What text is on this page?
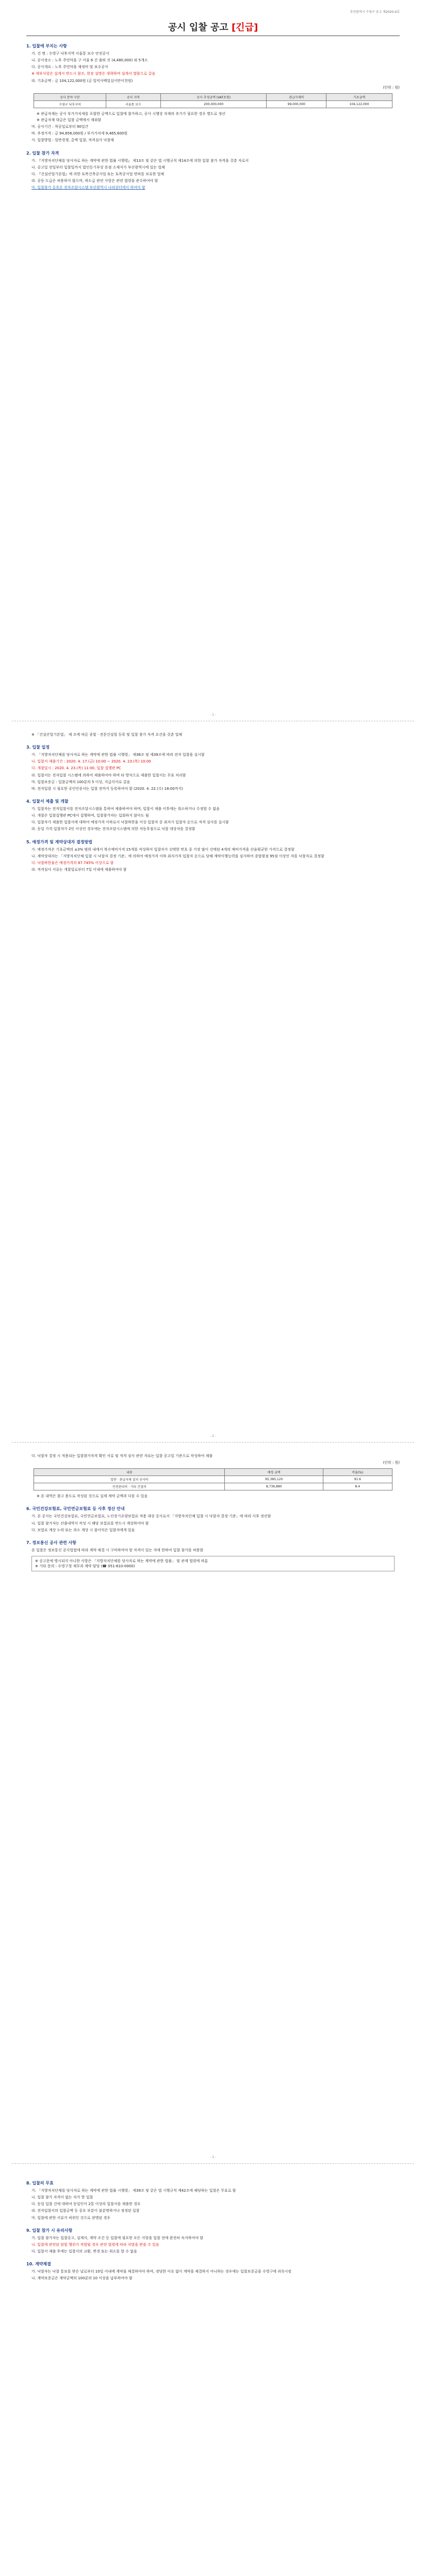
부산광역시 수영구 공고 제2020-4호
공시 입찰 공고 [긴급]
1. 입찰에 부치는 사항
가. 건 명 : 수영구 낙후지역 서울통 보수 안전공사
나. 공사장소 : 노후 주민마을 구 서울 6 건 출퇴 진 (4,480,000) 외 5개소
다. 공사개요 : 노후 주민마을 재정비 및 보수공사
※ 세부사항은 설계서 반드시 참조, 현장 설명은 생략하며 설계서 열람으로 갈음
라. 기초금액 : 금 104,122,000원 (금 일억사백일십이만이천원)
(단위 : 원)
공사 분야 구분	공사 지역	공사 추정금액 (VAT포함)	관급자재비	기초금액
수영구 낙후지역	서울통 보수	200,000,000	99,000,000	104,122,000
※ 관급자재는 공사 부가가치세를 포함한 금액으로 입찰에 참가하고, 공사 시행상 자재의 추가가 필요한 경우 별도로 정산
※ 관급자재 대금은 입찰 금액에서 제외함
마. 공사기간 : 착공일로부터 90일간
바. 추정가격 : 금 94,656,000원 / 부가가치세 9,465,600원
사. 입찰방법 : 일반경쟁, 총액 입찰, 적격심사 낙찰제
2. 입찰 참가 자격
가. 『지방자치단체를 당사자로 하는 계약에 관한 법률 시행령』 제13조 및 같은 법 시행규칙 제14조에 의한 입찰 참가 자격을 갖춘 자로서
나. 공고일 전일부터 입찰일까지 법인등기부상 본점 소재지가 부산광역시에 있는 업체
다. 『건설산업기본법』에 의한 토목건축공사업 또는 토목공사업 면허를 보유한 업체
라. 공동 도급은 허용하지 않으며, 하도급 관련 사항은 관련 법령을 준수하여야 함
마. 입찰참가 등록은 전자조달시스템 부산광역시 나라장터에서 하여야 함
- 1 -
※ 「건설산업기본법」 제 조에 따른 종합 · 전문건설업 등록 및 입찰 참가 자격 요건을 갖춘 업체
3. 입찰 일정
가. 「지방자치단체를 당사자로 하는 계약에 관한 법률 시행령」 제36조 및 제39조에 따라 전자 입찰을 실시함
나. 입찰서 제출기간 : 2020. 4. 17.(금) 10:00 ~ 2020. 4. 23.(목) 10:00
다. 개찰일시 : 2020. 4. 23.(목) 11:00, 입찰 집행관 PC
라. 입찰서는 전자입찰 시스템에 의하여 제출하여야 하며 타 방식으로 제출한 입찰서는 무효 처리함
마. 입찰보증금 : 입찰금액의 100분의 5 이상, 지급각서로 갈음
바. 전자입찰 시 필요한 공인인증서는 입찰 전까지 등록하여야 함 (2020. 4. 22.(수) 18:00까지)
4. 입찰서 제출 및 개찰
가. 입찰자는 전자입찰서를 전자조달시스템을 통하여 제출하여야 하며, 입찰서 제출 이후에는 취소하거나 수정할 수 없음
나. 개찰은 입찰집행관 PC에서 집행하며, 입찰참가자는 입회하지 않아도 됨
다. 입찰자가 제출한 입찰서에 대하여 예정가격 이하로서 낙찰하한율 이상 입찰자 중 최저가 입찰자 순으로 적격 심사를 실시함
라. 동일 가격 입찰자가 2인 이상인 경우에는 전자조달시스템에 의한 자동추첨으로 낙찰 대상자를 결정함
5. 예정가격 및 계약상대자 결정방법
가. 예정가격은 기초금액의 ±3% 범위 내에서 복수예비가격 15개를 작성하여 입찰자가 선택한 번호 중 가장 많이 선택된 4개의 예비가격을 산술평균한 가격으로 결정함
나. 계약상대자는 「지방자치단체 입찰 시 낙찰자 결정 기준」에 의하여 예정가격 이하 최저가격 입찰자 순으로 당해 계약이행능력을 심사하여 종합평점 95점 이상인 자를 낙찰자로 결정함
다. 낙찰하한율은 예정가격의 87.745% 이상으로 함
라. 적격심사 서류는 개찰일로부터 7일 이내에 제출하여야 함
- 2 -
다. 낙찰자 결정 시 적용되는 입찰참가자격 확인 서류 및 적격 심사 관련 자료는 입찰 공고일 기준으로 작성하여 제출
(단위 : 원)
내용	배정 금액	비율(%)
일반 · 관급자재 설치 공사비	95,385,120	91.6
안전관리비 · 기타 간접비	8,736,880	8.4
※ 본 내역은 참고 용도로 작성된 것으로 실제 계약 금액과 다를 수 있음
6. 국민건강보험료, 국민연금보험료 등 사후 정산 안내
가. 본 공사는 국민건강보험료, 국민연금보험료, 노인장기요양보험료 적용 대상 공사로서 「지방자치단체 입찰 시 낙찰자 결정 기준」에 따라 사후 정산함
나. 입찰 참가자는 산출내역서 작성 시 해당 보험료를 반드시 계상하여야 함
다. 보험료 계상 누락 또는 과소 계상 시 불이익은 입찰자에게 있음
7. 정보통신 공사 관련 사항
본 입찰은 정보통신 공사업법에 따라 계약 체결 시 구비하여야 할 자격이 있는 자에 한하여 입찰 참가를 허용함
※ 공고문에 명시되지 아니한 사항은 「지방자치단체를 당사자로 하는 계약에 관한 법률」 및 관계 법령에 따름
※ 기타 문의 : 수영구청 재무과 계약 담당 (☎ 051-610-0000)
- 3 -
8. 입찰의 무효
가. 「지방자치단체를 당사자로 하는 계약에 관한 법률 시행령」 제39조 및 같은 법 시행규칙 제42조에 해당하는 입찰은 무효로 함
나. 입찰 참가 자격이 없는 자가 한 입찰
다. 동일 입찰 건에 대하여 동일인이 2통 이상의 입찰서를 제출한 경우
라. 전자입찰서의 입찰금액 등 중요 부분이 불분명하거나 정정된 입찰
마. 입찰에 관한 서류가 허위인 것으로 판명된 경우
9. 입찰 참가 시 유의사항
가. 입찰 참가자는 입찰공고, 설계서, 계약 조건 등 입찰에 필요한 모든 사항을 입찰 전에 완전히 숙지하여야 함
나. 입찰에 관련된 담합 행위가 적발될 경우 관련 법령에 따라 처벌을 받을 수 있음
다. 입찰서 제출 후에는 입찰서의 교환, 변경 또는 취소를 할 수 없음
10. 계약체결
가. 낙찰자는 낙찰 통보를 받은 날로부터 10일 이내에 계약을 체결하여야 하며, 정당한 이유 없이 계약을 체결하지 아니하는 경우에는 입찰보증금을 수영구에 귀속시킴
나. 계약보증금은 계약금액의 100분의 10 이상을 납부하여야 함
